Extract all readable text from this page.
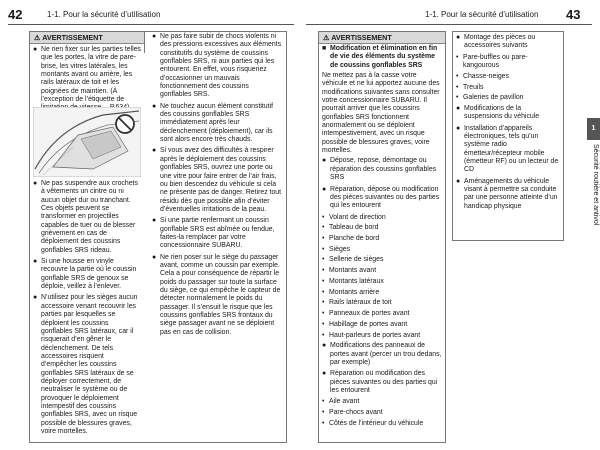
42	1-1. Pour la sécurité d’utilisation	1-1. Pour la sécurité d’utilisation 43
⚠ AVERTISSEMENT
● Ne rien fixer sur les parties telles que les portes, la vitre de pare-brise, les vitres latérales, les montants avant ou arrière, les rails latéraux de toit et les poignées de maintien. (À l’exception de l’étiquette de
● Ne pas suspendre aux crochets à vêtements un cintre ou ni aucun objet dur ou tranchant. Ces objets peuvent se transformer en projectiles capables de tuer ou de blesser grièvement en cas de déploiement des coussins gonflables SRS rideau.
● Si une housse en vinyle recouvre la partie où le coussin gonflable SRS de genoux se déploie, veillez à l’enlever.
● N’utilisez pour les sièges aucun accessoire venant recouvrir les parties par lesquelles se déploient les coussins gonflables SRS latéraux, car il risquerait d’en gêner le déclenchement. De tels accessoires risquent d’empêcher les coussins gonflables SRS latéraux de se déployer correctement, de neutraliser le système ou de provoquer le déploiement intempestif des coussins gonflables SRS, avec un risque possible de blessures graves, voire mortelles.
● Ne pas faire subir de chocs violents ni des pressions excessives aux éléments constitutifs du système de coussins gonflables SRS, ni aux parties qui les entourent. En effet, vous risqueriez d’occasionner un mauvais fonctionnement des coussins gonflables SRS.
● Ne touchez aucun élément constitutif des coussins gonflables SRS immédiatement après leur déclenchement (déploiement), car ils sont alors encore très chauds.
● Si vous avez des difficultés à respirer après le déploiement des coussins gonflables SRS, ouvrez une porte ou une vitre pour faire entrer de l’air frais, ou bien descendez du véhicule si cela ne présente pas de danger. Retirez tout résidu dès que possible afin d’éviter d’éventuelles irritations de la peau.
● Si une partie renfermant un coussin gonflable SRS est abîmée ou fendue, faites-la remplacer par votre concessionnaire SUBARU.
● Ne rien poser sur le siège du passager avant, comme un coussin par exemple. Cela a pour conséquence de répartir le poids du passager sur toute la surface du siège, ce qui empêche le capteur de détecter normalement le poids du passager. Il s’ensuit le risque que les coussins gonflables SRS frontaux du siège passager avant ne se déploient pas en cas de collision.
⚠ AVERTISSEMENT
■ Modification et élimination en fin de vie des éléments du système de coussins gonflables SRS
Ne mettez pas à la casse votre véhicule et ne lui apportez aucune des modifications suivantes sans consulter votre concessionnaire SUBARU. Il pourrait arriver que les coussins gonflables SRS fonctionnent anormalement ou se déploient intempestivement, avec un risque possible de blessures graves, voire mortelles.
● Dépose, repose, démontage ou réparation des coussins gonflables SRS
● Réparation, dépose ou modification des pièces suivantes ou des parties qui les entourent
• Volant de direction
• Tableau de bord
• Planche de bord
• Sièges
• Sellerie de sièges
• Montants avant
• Montants latéraux
• Montants arrière
• Rails latéraux de toit
• Panneaux de portes avant
• Habillage de portes avant
• Haut-parleurs de portes avant
● Modifications des panneaux de portes avant (percer un trou dedans, par exemple)
● Réparation ou modification des pièces suivantes ou des parties qui les entourent
• Aile avant
• Pare-chocs avant
• Côtés de l’intérieur du véhicule
● Montage des pièces ou accessoires suivants
• Pare-buffles ou pare-kangourous
• Chasse-neiges
• Treuils
• Galeries de pavillon
● Modifications de la suspensions du véhicule
● Installation d’appareils électroniques, tels qu’un système radio émetteur/récepteur mobile (émetteur RF) ou un lecteur de CD
● Aménagements du véhicule visant à permettre sa conduite par une personne atteinte d’un handicap physique
1
Sécurité routière et antivol
